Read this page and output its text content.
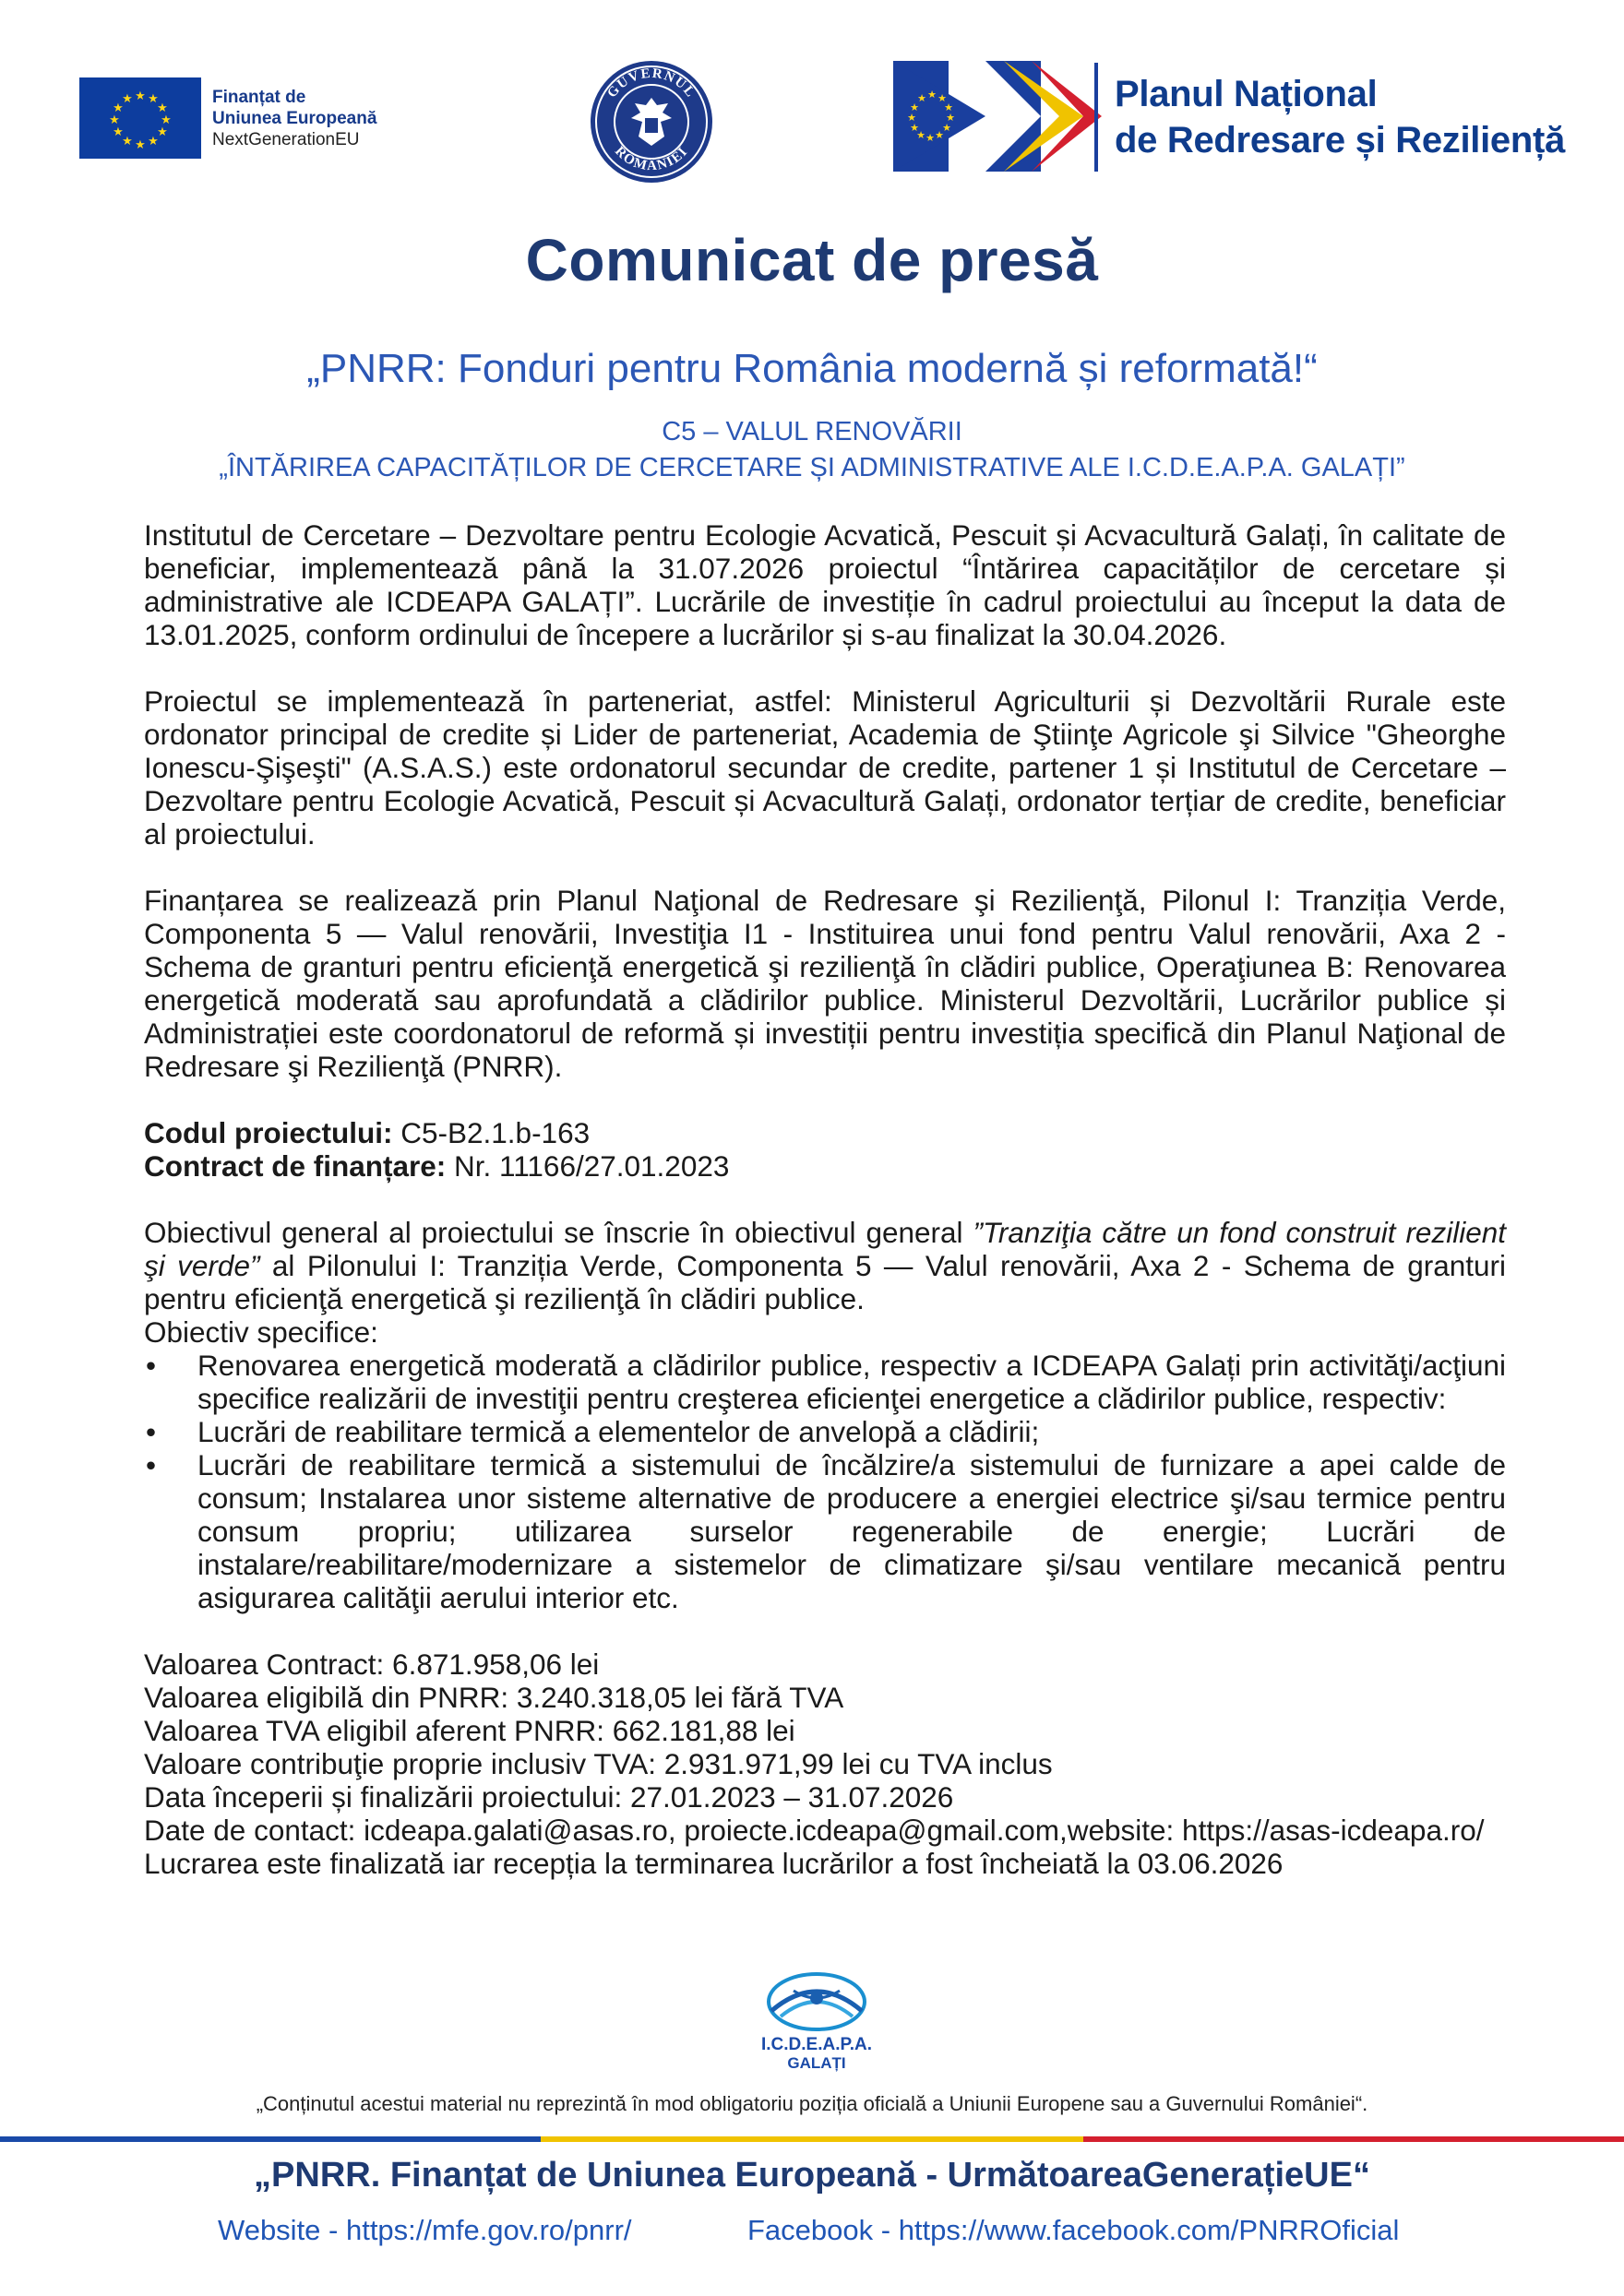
★ ★
★
★
★
★
★
★
★
★
★
★	Finanțat de
Uniunea Europeană
NextGenerationEU
GUVERNUL
ROMÂNIEI
★ ★
★
★
★
★
★
★
★
★
★
★	Planul Național
de Redresare și Reziliență
Comunicat de presă
„PNRR: Fonduri pentru România modernă și reformată!“
C5 – VALUL RENOVĂRII
„ÎNTĂRIREA CAPACITĂȚILOR DE CERCETARE ȘI ADMINISTRATIVE ALE I.C.D.E.A.P.A. GALAȚI”

Institutul de Cercetare – Dezvoltare pentru Ecologie Acvatică, Pescuit și Acvacultură Galați, în calitate de beneficiar, implementează până la 31.07.2026 proiectul “Întărirea capacităților de cercetare și administrative ale ICDEAPA GALAȚI”. Lucrările de investiție în cadrul proiectului au început la data de 13.01.2025, conform ordinului de începere a lucrărilor și s-au finalizat la 30.04.2026.

Proiectul se implementează în parteneriat, astfel: Ministerul Agriculturii și Dezvoltării Rurale este ordonator principal de credite și Lider de parteneriat, Academia de Ştiinţe Agricole şi Silvice "Gheorghe Ionescu-Şişeşti" (A.S.A.S.) este ordonatorul secundar de credite, partener 1 și Institutul de Cercetare – Dezvoltare pentru Ecologie Acvatică, Pescuit și Acvacultură Galați, ordonator terțiar de credite, beneficiar al proiectului.

Finanțarea se realizează prin Planul Naţional de Redresare şi Rezilienţă, Pilonul I: Tranziția Verde, Componenta 5 — Valul renovării, Investiţia I1 - Instituirea unui fond pentru Valul renovării, Axa 2 - Schema de granturi pentru eficienţă energetică şi rezilienţă în clădiri publice, Operaţiunea B: Renovarea energetică moderată sau aprofundată a clădirilor publice. Ministerul Dezvoltării, Lucrărilor publice și Administrației este coordonatorul de reformă și investiții pentru investiția specifică din Planul Naţional de Redresare şi Rezilienţă (PNRR).

Codul proiectului: C5-B2.1.b-163
Contract de finanțare: Nr. 11166/27.01.2023

Obiectivul general al proiectului se înscrie în obiectivul general ”Tranziţia către un fond construit rezilient şi verde” al Pilonului I: Tranziția Verde, Componenta 5 — Valul renovării, Axa 2 - Schema de granturi pentru eficienţă energetică şi rezilienţă în clădiri publice.

Obiectiv specifice:
• Renovarea energetică moderată a clădirilor publice, respectiv a ICDEAPA Galați prin activităţi/acţiuni specifice realizării de investiţii pentru creşterea eficienţei energetice a clădirilor publice, respectiv:
• Lucrări de reabilitare termică a elementelor de anvelopă a clădirii;
• Lucrări de reabilitare termică a sistemului de încălzire/a sistemului de furnizare a apei calde de consum; Instalarea unor sisteme alternative de producere a energiei electrice şi/sau termice pentru consum propriu; utilizarea surselor regenerabile de energie; Lucrări de instalare/reabilitare/modernizare a sistemelor de climatizare şi/sau ventilare mecanică pentru asigurarea calităţii aerului interior etc.
Valoarea Contract: 6.871.958,06 lei
Valoarea eligibilă din PNRR: 3.240.318,05 lei fără TVA
Valoarea TVA eligibil aferent PNRR: 662.181,88 lei
Valoare contribuţie proprie inclusiv TVA: 2.931.971,99 lei cu TVA inclus
Data începerii și finalizării proiectului: 27.01.2023 – 31.07.2026

Date de contact: icdeapa.galati@asas.ro, proiecte.icdeapa@gmail.com,website: https://asas-icdeapa.ro/

Lucrarea este finalizată iar recepția la terminarea lucrărilor a fost încheiată la 03.06.2026
I.C.D.E.A.P.A.
GALAȚI
„Conținutul acestui material nu reprezintă în mod obligatoriu poziția oficială a Uniunii Europene sau a Guvernului României“.
„PNRR. Finanțat de Uniunea Europeană - UrmătoareaGenerațieUE“
Website - https://mfe.gov.ro/pnrr/	Facebook - https://www.facebook.com/PNRROficial
